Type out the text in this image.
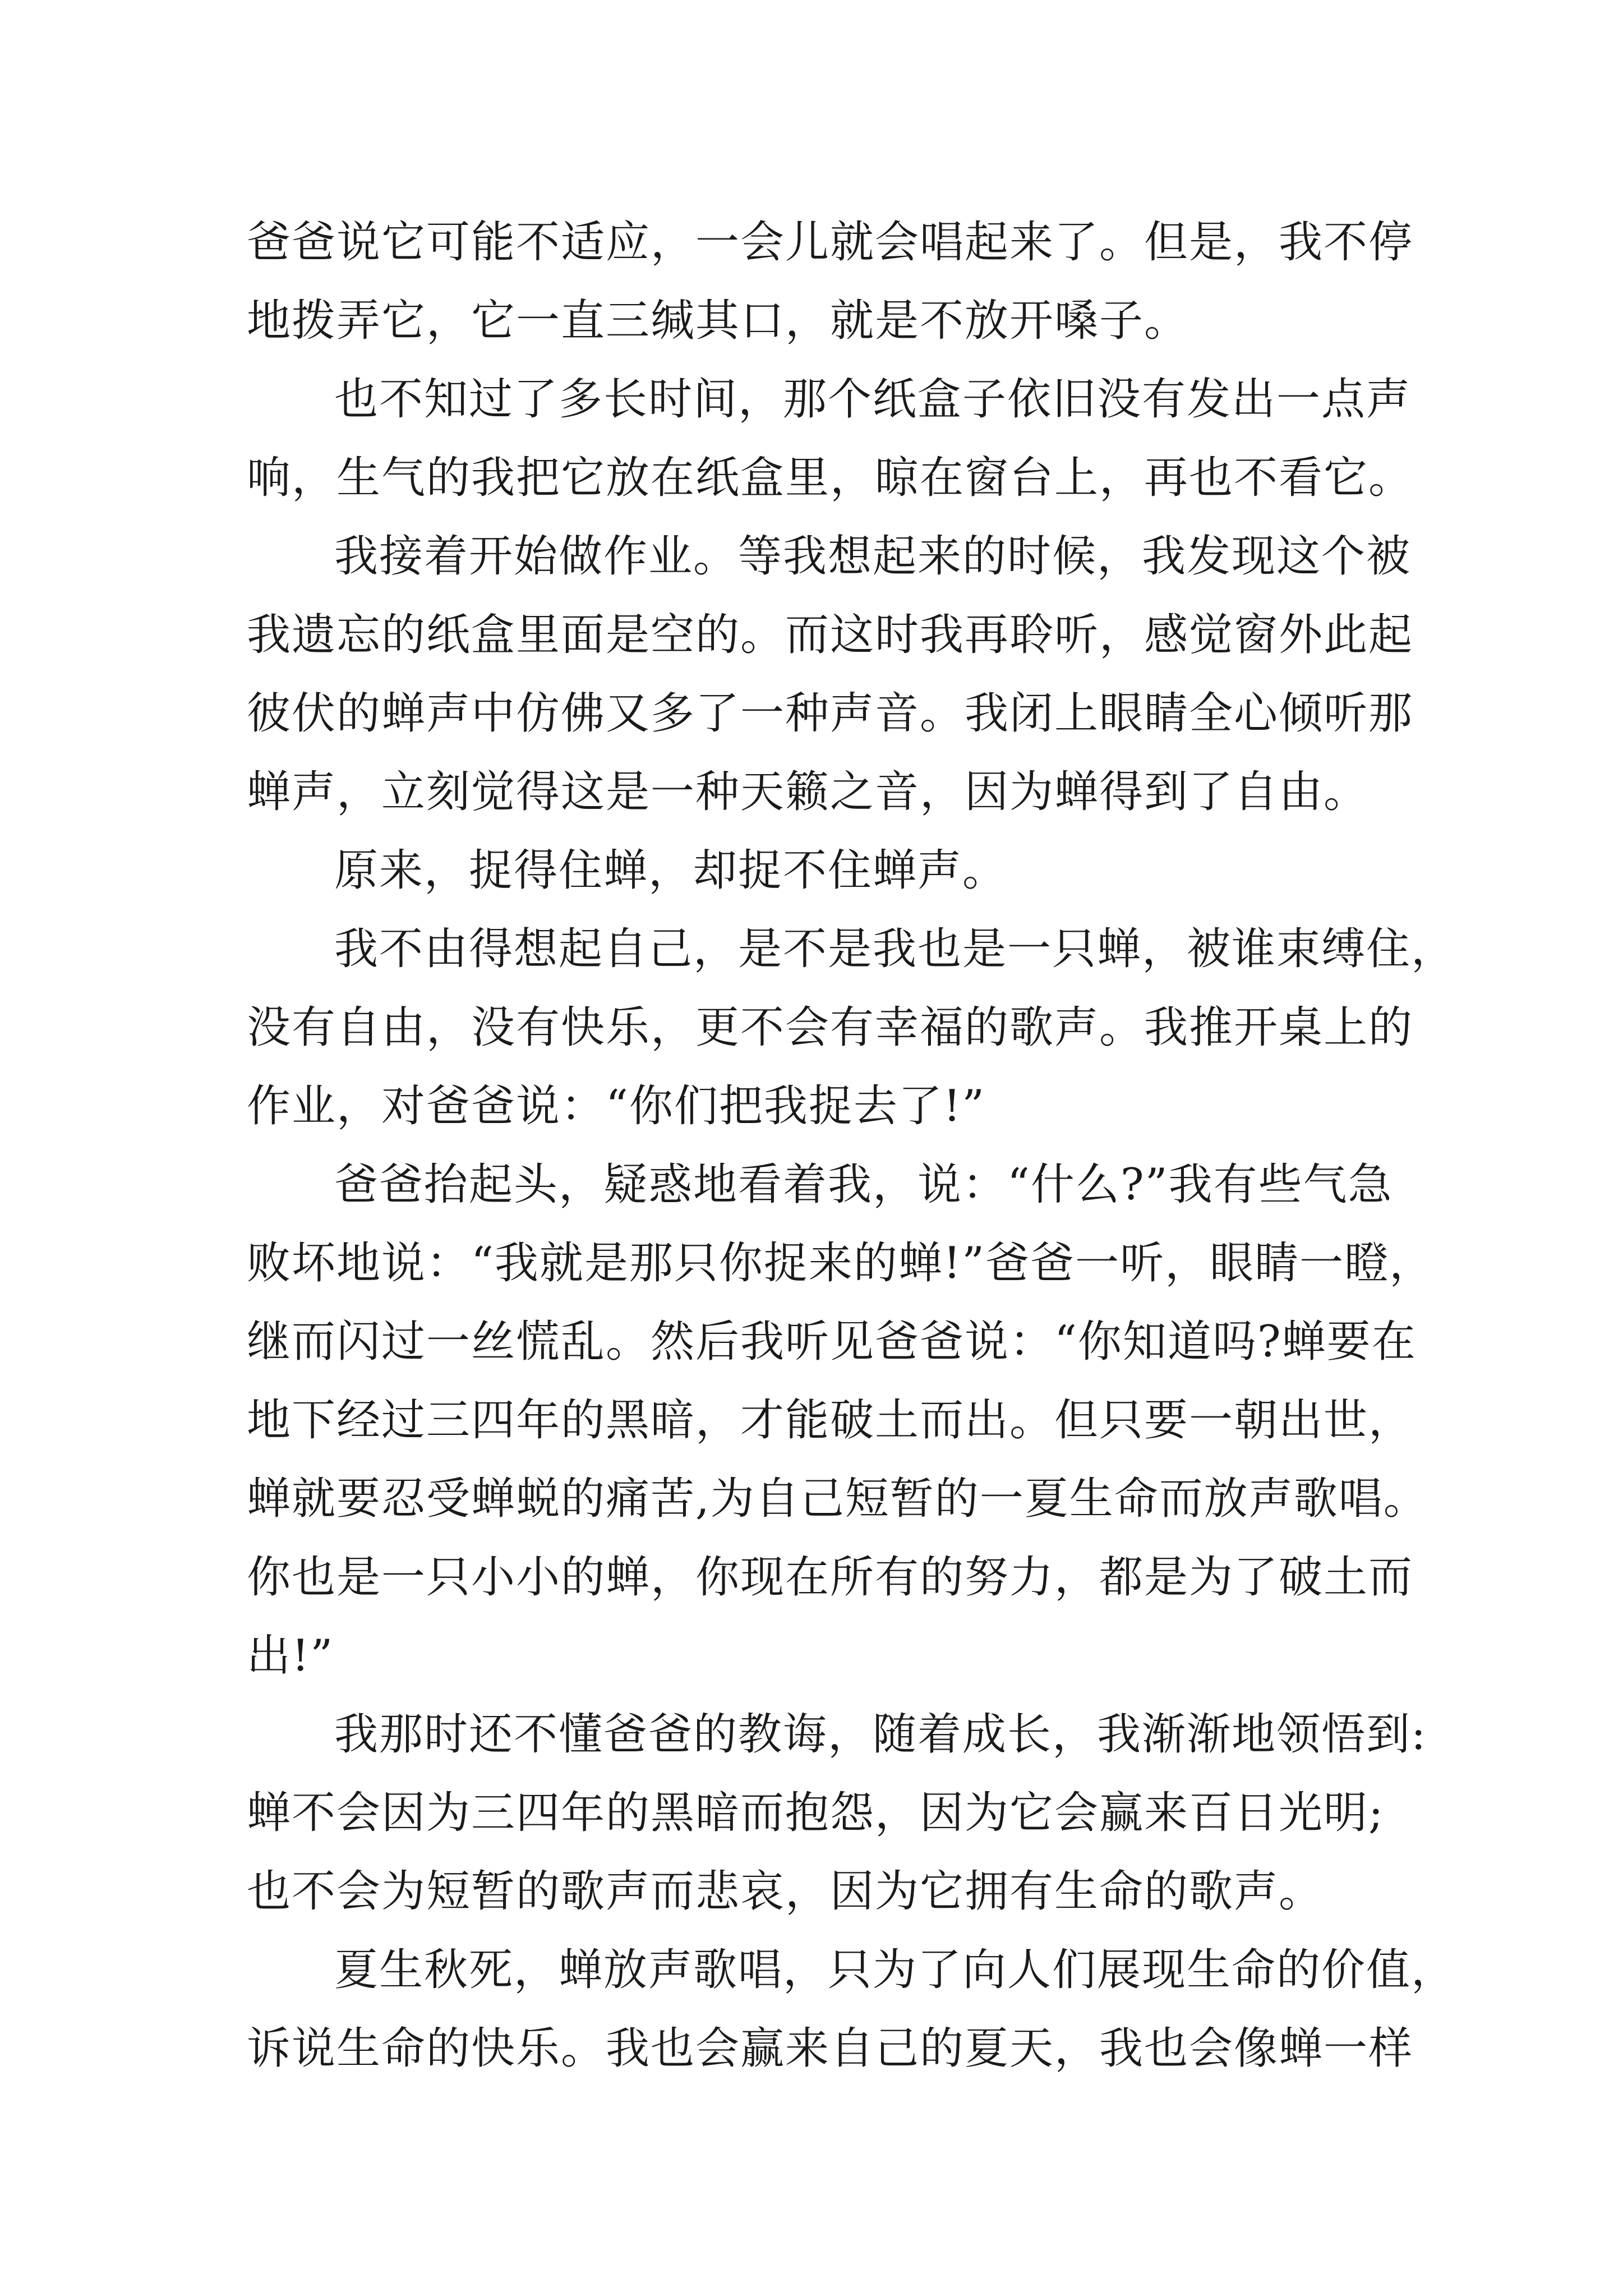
爸爸说它可能不适应，一会儿就会唱起来了。但是，我不停
地拨弄它，它一直三缄其口，就是不放开嗓子。
也不知过了多长时间，那个纸盒子依旧没有发出一点声
响，生气的我把它放在纸盒里，晾在窗台上，再也不看它。
我接着开始做作业。等我想起来的时候，我发现这个被
我遗忘的纸盒里面是空的。而这时我再聆听，感觉窗外此起
彼伏的蝉声中仿佛又多了一种声音。我闭上眼睛全心倾听那
蝉声，立刻觉得这是一种天籁之音，因为蝉得到了自由。
原来，捉得住蝉，却捉不住蝉声。
我不由得想起自己，是不是我也是一只蝉，被谁束缚住，
没有自由，没有快乐，更不会有幸福的歌声。我推开桌上的
作业，对爸爸说：“你们把我捉去了!”
爸爸抬起头，疑惑地看着我，说：“什么?”我有些气急
败坏地说：“我就是那只你捉来的蝉!”爸爸一听，眼睛一瞪，
继而闪过一丝慌乱。然后我听见爸爸说：“你知道吗?蝉要在
地下经过三四年的黑暗，才能破土而出。但只要一朝出世，
蝉就要忍受蝉蜕的痛苦,为自己短暂的一夏生命而放声歌唱。
你也是一只小小的蝉，你现在所有的努力，都是为了破土而
出!”
我那时还不懂爸爸的教诲，随着成长，我渐渐地领悟到:
蝉不会因为三四年的黑暗而抱怨，因为它会赢来百日光明;
也不会为短暂的歌声而悲哀，因为它拥有生命的歌声。
夏生秋死，蝉放声歌唱，只为了向人们展现生命的价值，
诉说生命的快乐。我也会赢来自己的夏天，我也会像蝉一样
